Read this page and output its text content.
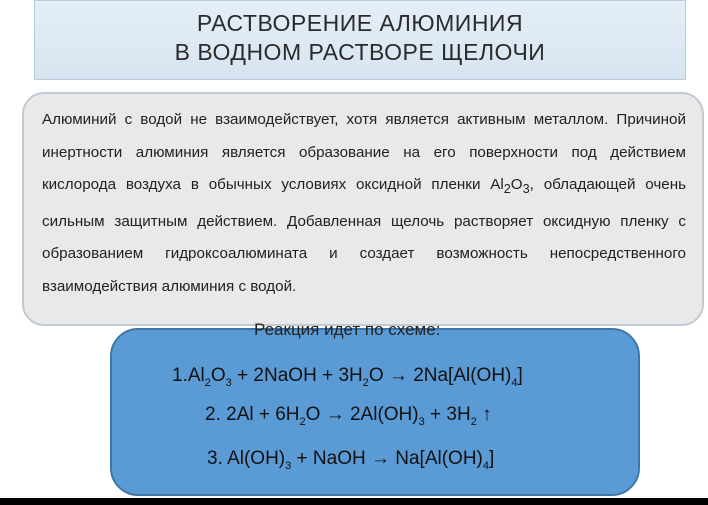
РАСТВОРЕНИЕ АЛЮМИНИЯ
В ВОДНОМ РАСТВОРЕ ЩЕЛОЧИ

Алюминий с водой не взаимодействует, хотя является активным металлом. Причиной инертности алюминия является образование на его поверхности под действием кислорода воздуха в обычных условиях оксидной пленки $Al_2O_3$, обладающей очень сильным защитным действием. Добавленная щелочь растворяет оксидную пленку с образованием гидроксоалюмината и создает возможность непосредственного взаимодействия алюминия с водой.

Реакция идет по схеме:
$1.Al_2O_3$ + 2NaOH + $3H_2O \to 2Na[Al(OH)_4]$
2. $2Al + 6H_2O \to 2Al(OH)_3 + 3H_2$ ↑
3. $Al(OH)_3$ + NaOH → $Na[Al(OH)_4]$
